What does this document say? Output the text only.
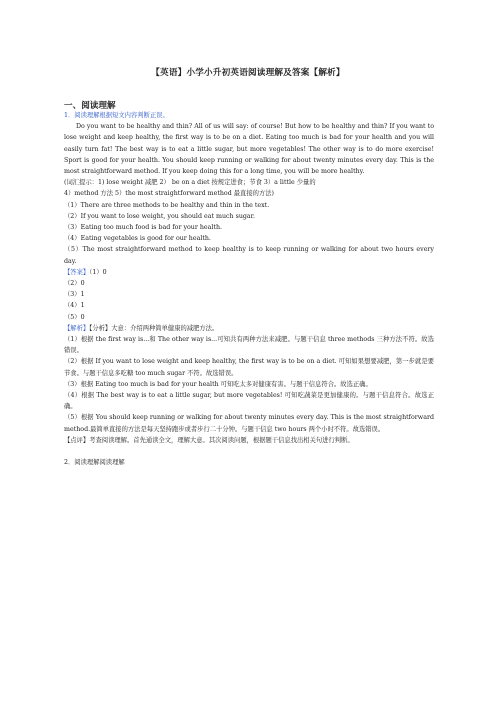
【英语】小学小升初英语阅读理解及答案【解析】
一、阅读理解

1．阅读理解根据短文内容判断正误。

Do you want to be healthy and thin? All of us will say: of course! But how to be healthy and thin? If you want to lose weight and keep healthy, the first way is to be on a diet. Eating too much is bad for your health and you will easily turn fat! The best way is to eat a little sugar, but more vegetables! The other way is to do more exercise! Sport is good for your health. You should keep running or walking for about twenty minutes every day. This is the most straightforward method. If you keep doing this for a long time, you will be more healthy.

(词汇提示：1) lose weight 减肥 2） be on a diet 按规定进食；节食 3）a little 少量的

4）method 方法 5）the most straightforward method 最直接的方法)

（1）There are three methods to be healthy and thin in the text.

（2）If you want to lose weight, you should eat much sugar.

（3）Eating too much food is bad for your health.

（4）Eating vegetables is good for our health.

（5）The most straightforward method to keep healthy is to keep running or walking for about two hours every day.

【答案】（1）0

（2）0

（3）1

（4）1

（5）0

【解析】【分析】大意：介绍两种简单健康的减肥方法。

（1）根据 the first way is...和 The other way is...可知共有两种方法来减肥。与题干信息 three methods 三种方法不符。故选错误。

（2）根据 If you want to lose weight and keep healthy, the first way is to be on a diet. 可知如果想要减肥，第一步就是要节食。与题干信息多吃糖 too much sugar 不符。故选错误。

（3）根据 Eating too much is bad for your health 可知吃太多对健康有害。与题干信息符合。故选正确。

（4）根据 The best way is to eat a little sugar, but more vegetables! 可知吃蔬菜是更加健康的。与题干信息符合。故选正确。

（5）根据 You should keep running or walking for about twenty minutes every day. This is the most straightforward method.最简单直接的方法是每天坚持跑步或者步行二十分钟。与题干信息 two hours 两个小时不符。故选错误。

【点评】考查阅读理解。首先通读全文，理解大意。其次阅读问题，根据题干信息找出相关句进行判断。

2．阅读理解阅读理解
